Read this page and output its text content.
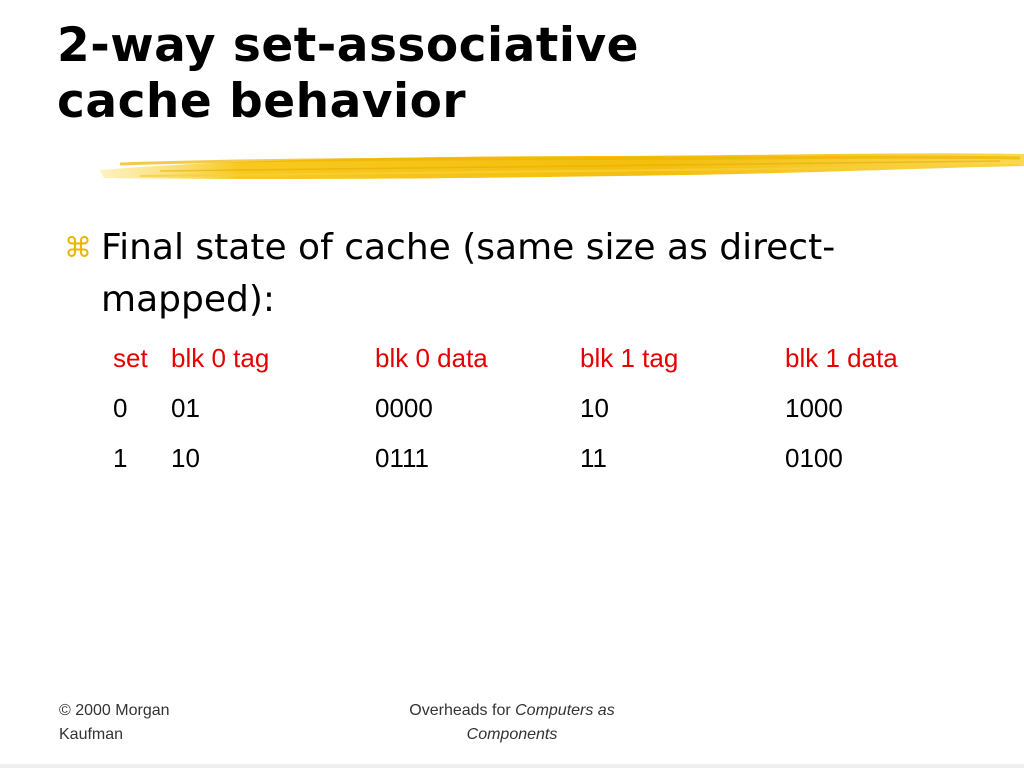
2-way set-associative
cache behavior
⌘ Final state of cache (same size as direct-
mapped):
set	blk 0 tag	blk 0 data	blk 1 tag	blk 1 data
0	01	0000	10	1000
1	10	0111	11	0100
© 2000 Morgan
Kaufman
Overheads for Computers as
Components
